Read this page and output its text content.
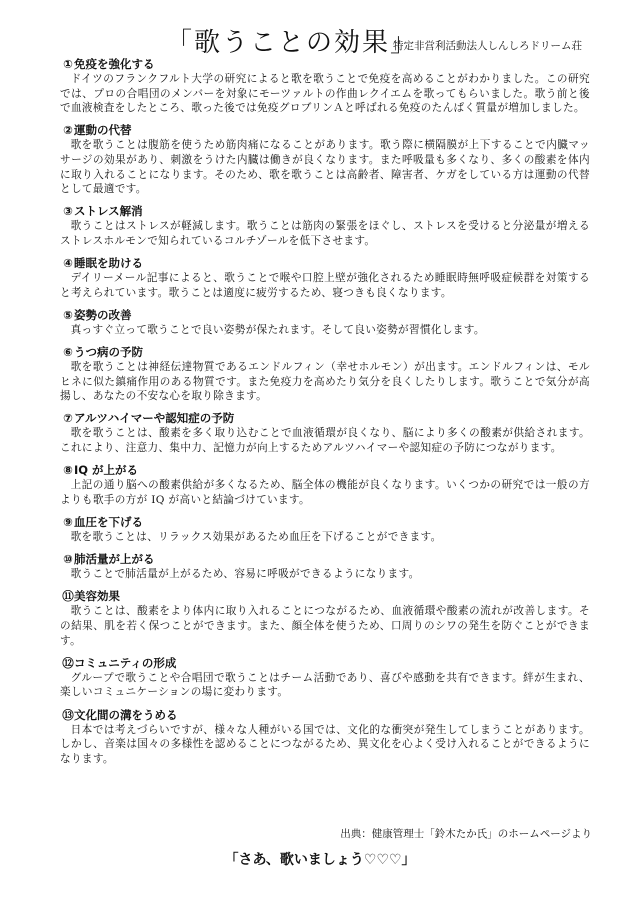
「歌うことの効果」
特定非営利活動法人しんしろドリーム荘
①免疫を強化する

ドイツのフランクフルト大学の研究によると歌を歌うことで免疫を高めることがわかりました。この研究では、プロの合唱団のメンバーを対象にモーツァルトの作曲レクイエムを歌ってもらいました。歌う前と後で血液検査をしたところ、歌った後では免疫グロブリンＡと呼ばれる免疫のたんぱく質量が増加しました。

②運動の代替

歌を歌うことは腹筋を使うため筋肉痛になることがあります。歌う際に横隔膜が上下することで内臓マッサージの効果があり、刺激をうけた内臓は働きが良くなります。また呼吸量も多くなり、多くの酸素を体内に取り入れることになります。そのため、歌を歌うことは高齢者、障害者、ケガをしている方は運動の代替として最適です。

③ストレス解消

歌うことはストレスが軽減します。歌うことは筋肉の緊張をほぐし、ストレスを受けると分泌量が増えるストレスホルモンで知られているコルチゾールを低下させます。

④睡眠を助ける

デイリーメール記事によると、歌うことで喉や口腔上壁が強化されるため睡眠時無呼吸症候群を対策すると考えられています。歌うことは適度に疲労するため、寝つきも良くなります。

⑤姿勢の改善

真っすぐ立って歌うことで良い姿勢が保たれます。そして良い姿勢が習慣化します。

⑥うつ病の予防

歌を歌うことは神経伝達物質であるエンドルフィン（幸せホルモン）が出ます。エンドルフィンは、モルヒネに似た鎮痛作用のある物質です。また免疫力を高めたり気分を良くしたりします。歌うことで気分が高揚し、あなたの不安な心を取り除きます。

⑦アルツハイマーや認知症の予防

歌を歌うことは、酸素を多く取り込むことで血液循環が良くなり、脳により多くの酸素が供給されます。これにより、注意力、集中力、記憶力が向上するためアルツハイマーや認知症の予防につながります。

⑧IQ が上がる

上記の通り脳への酸素供給が多くなるため、脳全体の機能が良くなります。いくつかの研究では一般の方よりも歌手の方が IQ が高いと結論づけています。

⑨血圧を下げる

歌を歌うことは、リラックス効果があるため血圧を下げることができます。

⑩肺活量が上がる

歌うことで肺活量が上がるため、容易に呼吸ができるようになります。

⑪美容効果

歌うことは、酸素をより体内に取り入れることにつながるため、血液循環や酸素の流れが改善します。その結果、肌を若く保つことができます。また、顔全体を使うため、口周りのシワの発生を防ぐことができます。

⑫コミュニティの形成

グループで歌うことや合唱団で歌うことはチーム活動であり、喜びや感動を共有できます。絆が生まれ、楽しいコミュニケーションの場に変わります。

⑬文化間の溝をうめる

日本では考えづらいですが、様々な人種がいる国では、文化的な衝突が発生してしまうことがあります。しかし、音楽は国々の多様性を認めることにつながるため、異文化を心よく受け入れることができるようになります。

出典：健康管理士「鈴木たか氏」のホームページより
「さあ、歌いましょう♡♡♡」
